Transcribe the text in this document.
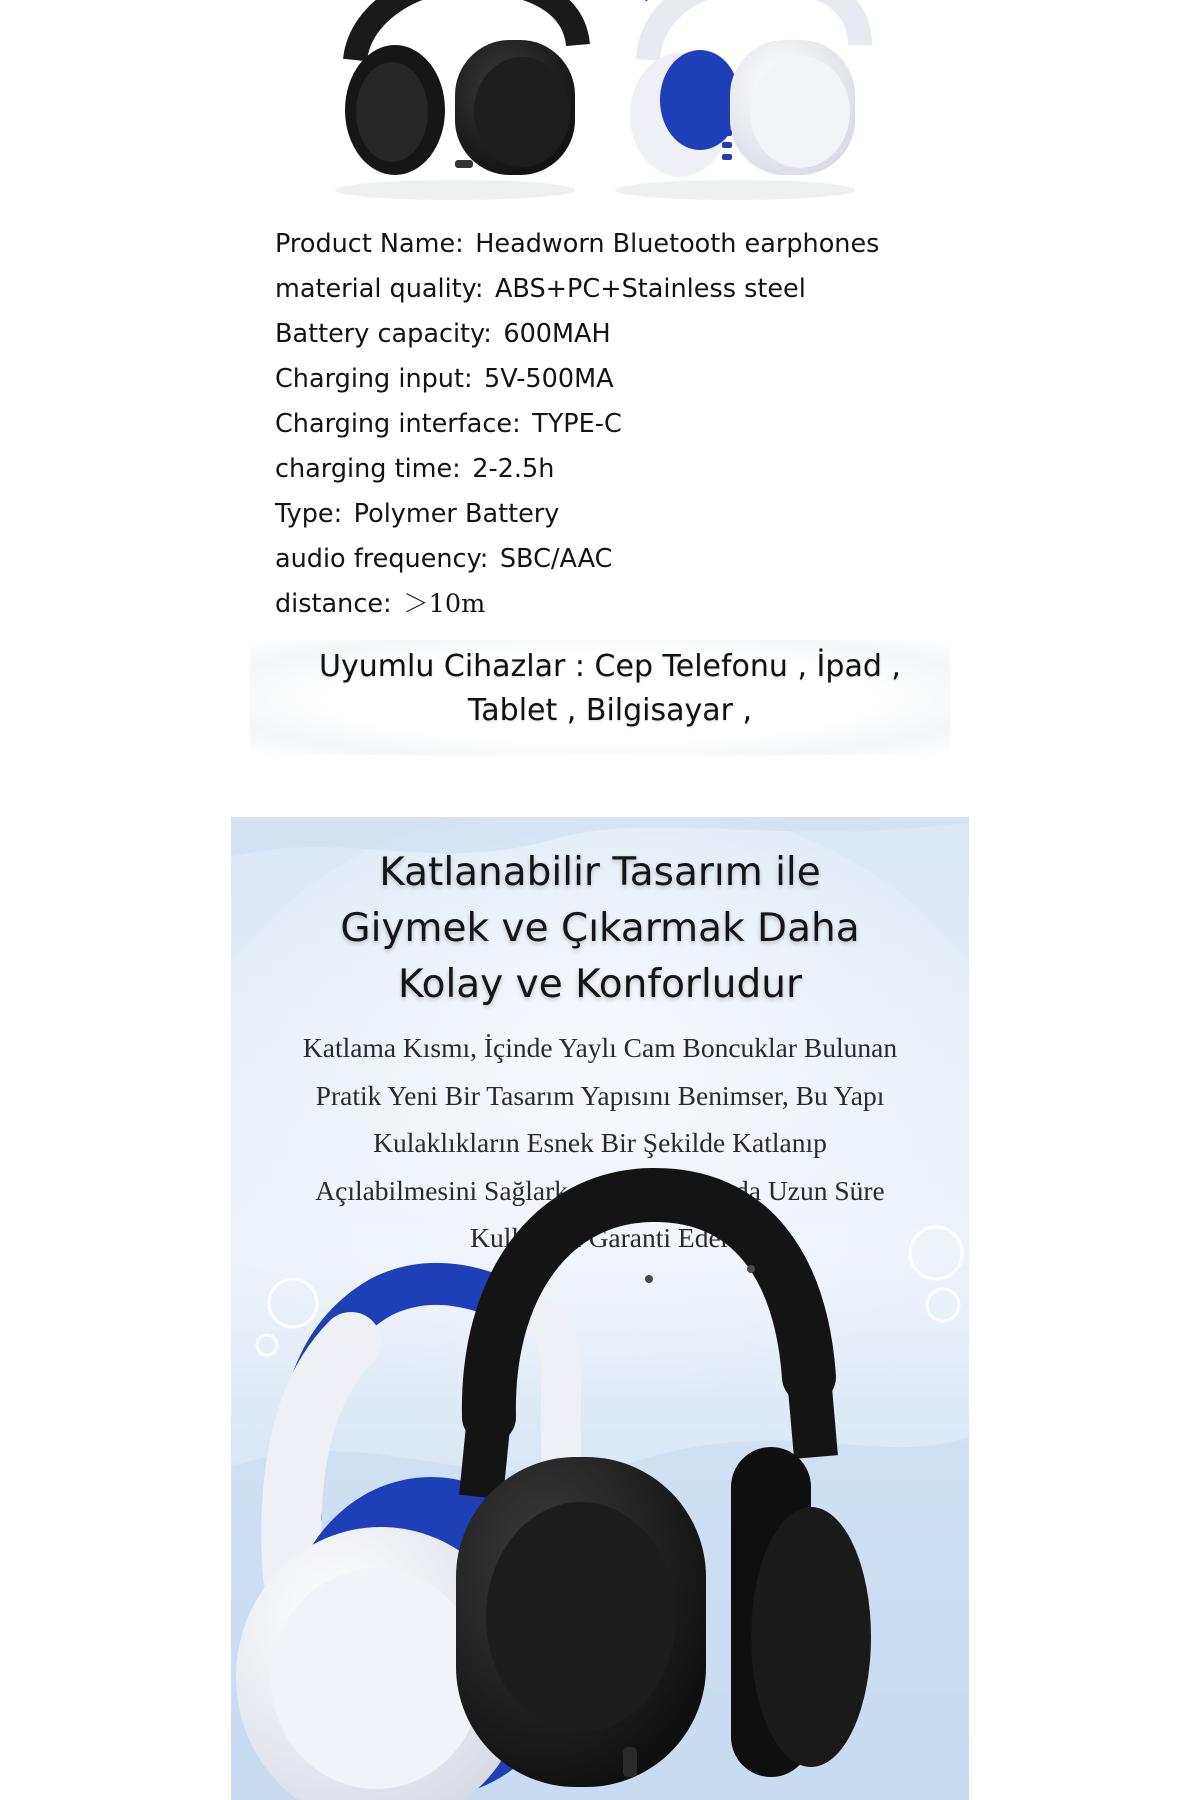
Product Name: Headworn Bluetooth earphones
material quality: ABS+PC+Stainless steel
Battery capacity: 600MAH
Charging input: 5V-500MA
Charging interface: TYPE-C
charging time: 2-2.5h
Type: Polymer Battery
audio frequency: SBC/AAC
distance: ＞10m
Uyumlu Cihazlar : Cep Telefonu , İpad ,
Tablet , Bilgisayar ,
Katlanabilir Tasarım ile
Giymek ve Çıkarmak Daha
Kolay ve Konforludur
Katlama Kısmı, İçinde Yaylı Cam Boncuklar Bulunan
Pratik Yeni Bir Tasarım Yapısını Benimser, Bu Yapı
Kulaklıkların Esnek Bir Şekilde Katlanıp
Açılabilmesini Sağlarken Aynı Zamanda Uzun Süre
Kullanımı Garanti Eder
